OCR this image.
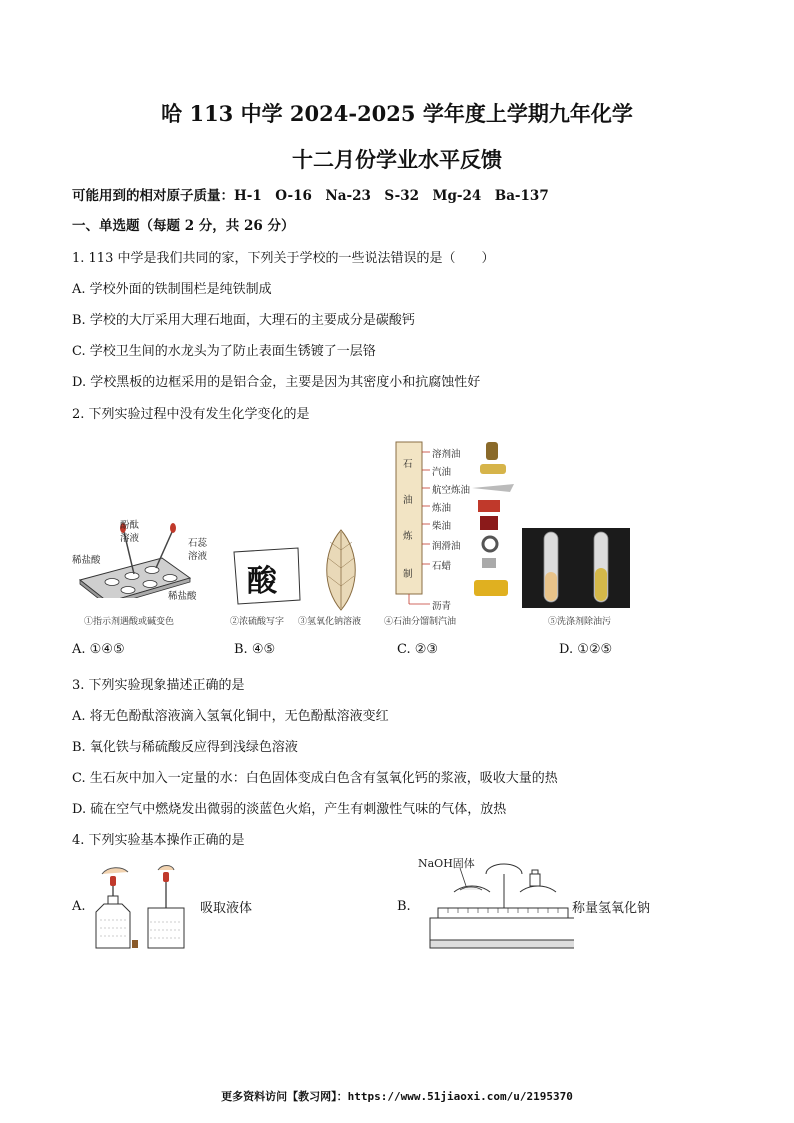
哈 113 中学 2024-2025 学年度上学期九年化学
十二月份学业水平反馈
可能用到的相对原子质量：H-1　O-16　Na-23　S-32　Mg-24　Ba-137
一、单选题（每题 2 分，共 26 分）
1. 113 中学是我们共同的家，下列关于学校的一些说法错误的是（　　）
A. 学校外面的铁制围栏是纯铁制成
B. 学校的大厅采用大理石地面，大理石的主要成分是碳酸钙
C. 学校卫生间的水龙头为了防止表面生锈镀了一层铬
D. 学校黑板的边框采用的是铝合金，主要是因为其密度小和抗腐蚀性好
2. 下列实验过程中没有发生化学变化的是
酚酞
溶液	石蕊
溶液
稀盐酸
稀盐酸
①指示剂遇酸或碱变色
酸
②浓硫酸写字 ③氢氧化钠溶液
石
油
炼
制
溶剂油
汽油
航空炼油
炼油
柴油
润滑油
石蜡
沥青
④石油分馏制汽油	⑤洗涤剂除油污
A. ①④⑤	B. ④⑤	C. ②③	D. ①②⑤
3. 下列实验现象描述正确的是
A. 将无色酚酞溶液滴入氢氧化铜中，无色酚酞溶液变红
B. 氧化铁与稀硫酸反应得到浅绿色溶液
C. 生石灰中加入一定量的水：白色固体变成白色含有氢氧化钙的浆液，吸收大量的热
D. 硫在空气中燃烧发出微弱的淡蓝色火焰，产生有刺激性气味的气体，放热
4. 下列实验基本操作正确的是
A.	吸取液体	B.
NaOH固体
称量氢氧化钠
更多资料访问【教习网】：https://www.51jiaoxi.com/u/2195370
